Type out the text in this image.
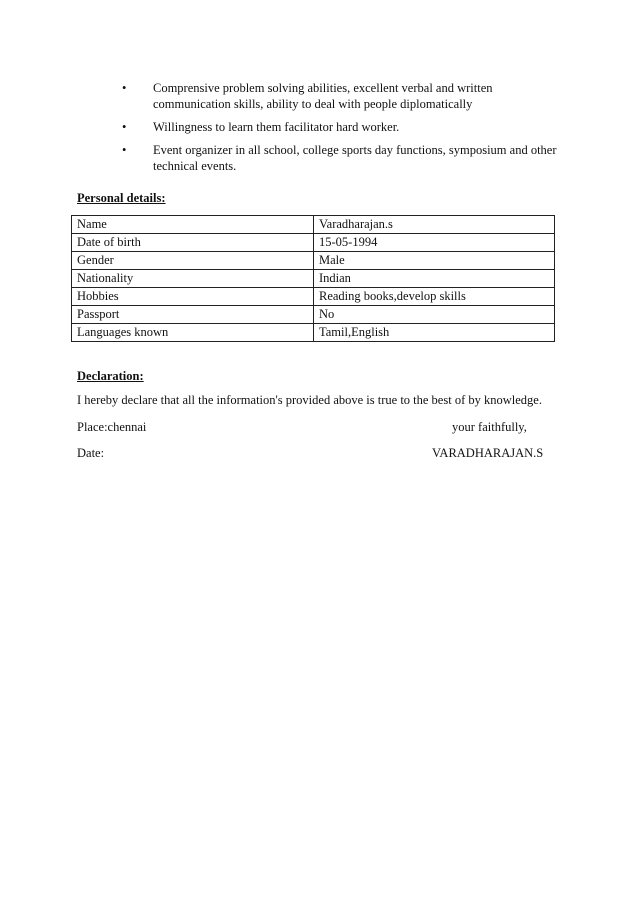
• Comprensive problem solving abilities, excellent verbal and written communication skills, ability to deal with people diplomatically
• Willingness to learn them facilitator hard worker.
• Event organizer in all school, college sports day functions, symposium and other technical events.
Personal details:
Name	Varadharajan.s
Date of birth	15-05-1994
Gender	Male
Nationality	Indian
Hobbies	Reading books,develop skills
Passport	No
Languages known	Tamil,English
Declaration:
I hereby declare that all the information's provided above is true to the best of by knowledge.
Place:chennai	your faithfully,
Date:	VARADHARAJAN.S
